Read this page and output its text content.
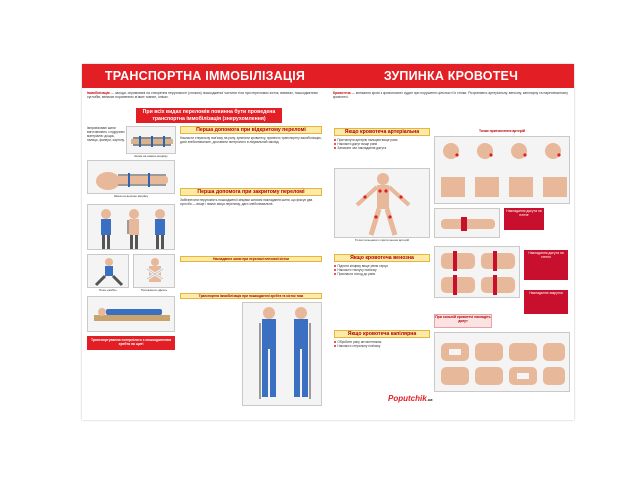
ТРАНСПОРТНА ІММОБІЛІЗАЦІЯ
Іммобілізація — заходи, спрямовані на створення нерухомості (спокою) пошкодженої частини тіла при переломах кісток, вивихах, пошкодженнях суглобів, великих пораненнях м'яких тканин, опіках.
При всіх видах переломів повинна бути проведена транспортна іммобілізація (знерухомлення)
Імпровізовані шини виготовляють з підручних матеріалів: дощок, палиць, фанери, картону.
Шина на нижню кінцівку
Шина на верхню кінцівку
Поза «жаби»	Положення «Дезо»
Транспортування потерпілого з пошкодженням хребта на щиті
Перша допомога при відкритому переломі
Накласти стерильну пов'язку на рану, зупинити кровотечу, провести транспортну іммобілізацію, дати знеболювальне, доставити потерпілого в лікувальний заклад.
Перша допомога при закритому переломі
Забезпечити нерухомість пошкодженої кінцівки шляхом накладання шини, що фіксує два суглоби — вище і нижче місця перелому, дати знеболювальне.
Накладання шини при переломі плечової кістки
Транспортна іммобілізація при пошкодженні хребта та кісток таза
ЗУПИНКА КРОВОТЕЧ
Кровотеча — витікання крові з кровоносних судин при порушенні цілісності їх стінки. Розрізняють артеріальну, венозну, капілярну та паренхіматозну кровотечі.
Якщо кровотеча артеріальна
Притиснути артерію пальцем вище рани
Накласти джгут вище рани
Записати час накладання джгута
Точки пальцевого притиснення артерій
Точки притиснення артерій
Накладання джгута на плече
Якщо кровотеча венозна
Підняти кінцівку вище рівня серця
Накласти тиснучу пов'язку
Прикласти холод до рани
Накладання джгута на стегно
Якщо кровотеча капілярна
Обробити рану антисептиком
Накласти стерильну пов'язку
При сильній кровотечі накладіть джгут
Накладання закрутки
Poputchik.ua
